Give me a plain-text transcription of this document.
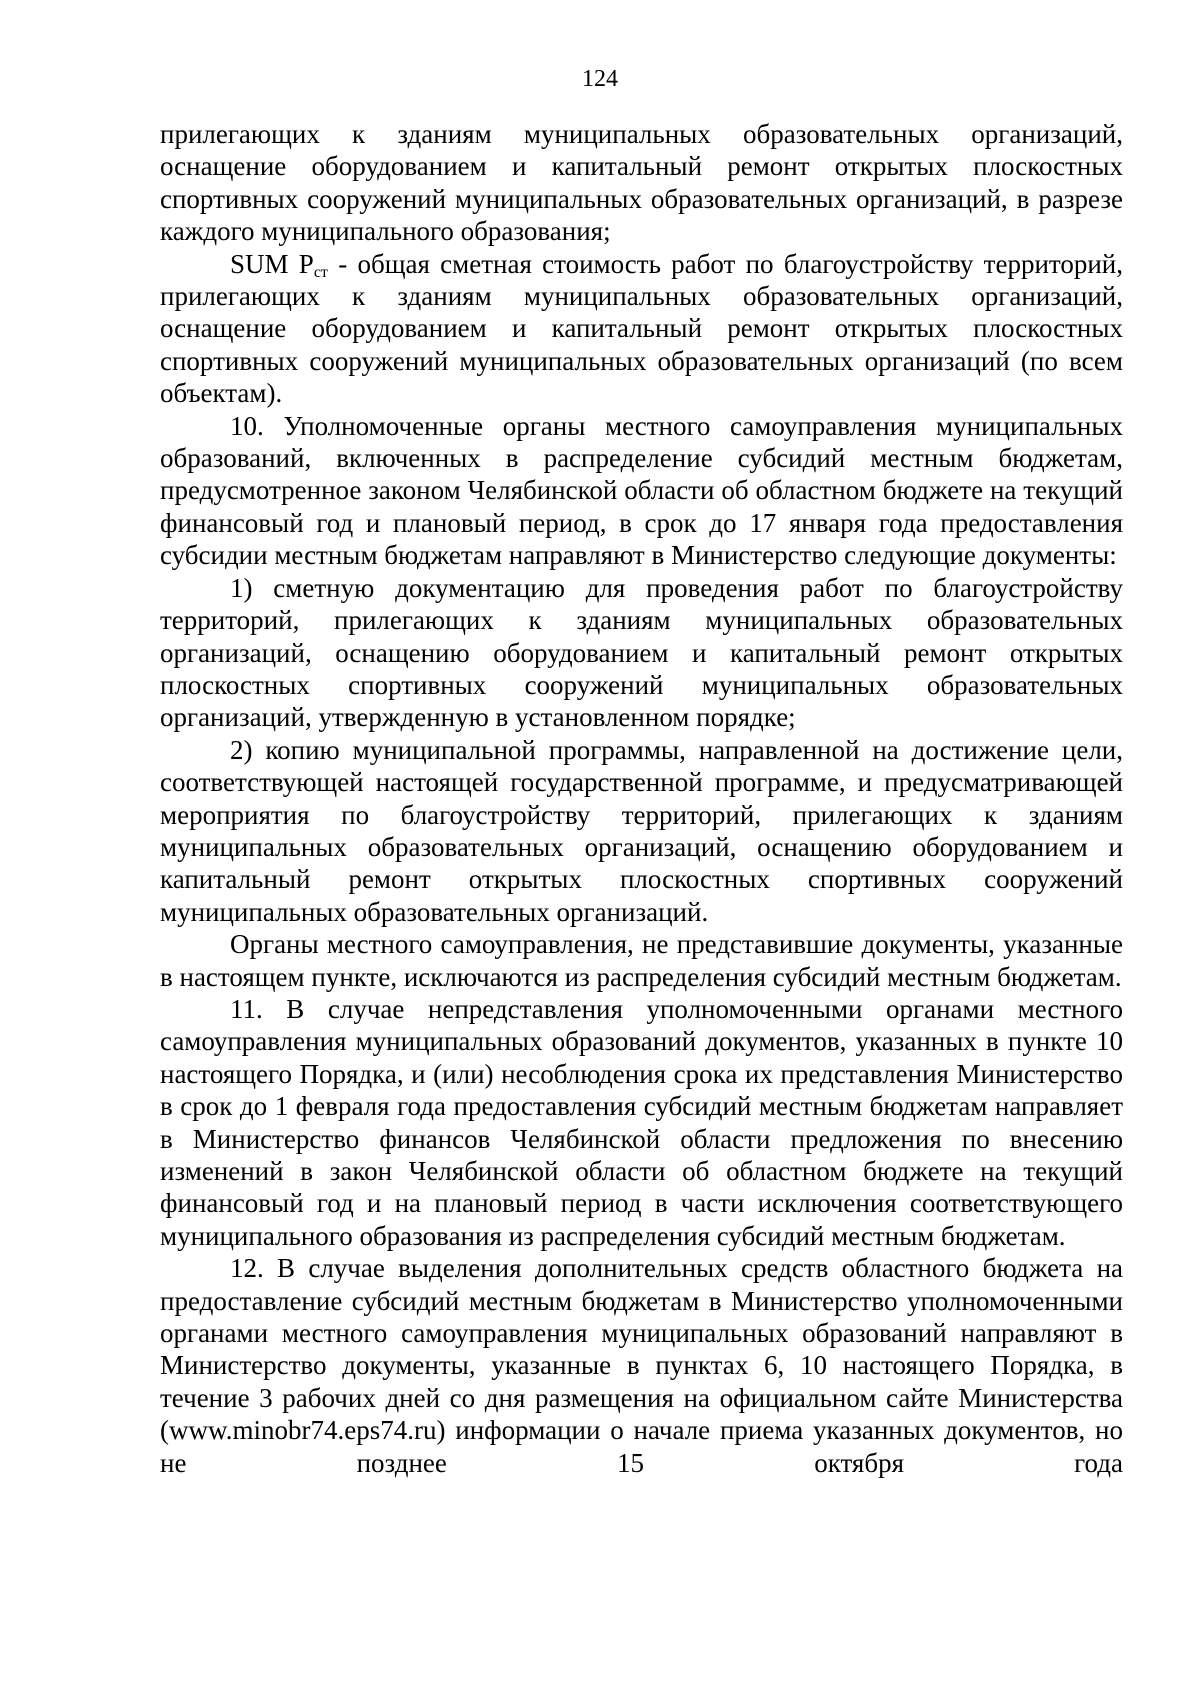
124

прилегающих к зданиям муниципальных образовательных организаций, оснащение оборудованием и капитальный ремонт открытых плоскостных спортивных сооружений муниципальных образовательных организаций, в разрезе каждого муниципального образования;

SUM $P_{ст}$ - общая сметная стоимость работ по благоустройству территорий, прилегающих к зданиям муниципальных образовательных организаций, оснащение оборудованием и капитальный ремонт открытых плоскостных спортивных сооружений муниципальных образовательных организаций (по всем объектам).

10. Уполномоченные органы местного самоуправления муниципальных образований, включенных в распределение субсидий местным бюджетам, предусмотренное законом Челябинской области об областном бюджете на текущий финансовый год и плановый период, в срок до 17 января года предоставления субсидии местным бюджетам направляют в Министерство следующие документы:

1) сметную документацию для проведения работ по благоустройству территорий, прилегающих к зданиям муниципальных образовательных организаций, оснащению оборудованием и капитальный ремонт открытых плоскостных спортивных сооружений муниципальных образовательных организаций, утвержденную в установленном порядке;

2) копию муниципальной программы, направленной на достижение цели, соответствующей настоящей государственной программе, и предусматривающей мероприятия по благоустройству территорий, прилегающих к зданиям муниципальных образовательных организаций, оснащению оборудованием и капитальный ремонт открытых плоскостных спортивных сооружений муниципальных образовательных организаций.

Органы местного самоуправления, не представившие документы, указанные в настоящем пункте, исключаются из распределения субсидий местным бюджетам.

11. В случае непредставления уполномоченными органами местного самоуправления муниципальных образований документов, указанных в пункте 10 настоящего Порядка, и (или) несоблюдения срока их представления Министерство в срок до 1 февраля года предоставления субсидий местным бюджетам направляет в Министерство финансов Челябинской области предложения по внесению изменений в закон Челябинской области об областном бюджете на текущий финансовый год и на плановый период в части исключения соответствующего муниципального образования из распределения субсидий местным бюджетам.

12. В случае выделения дополнительных средств областного бюджета на предоставление субсидий местным бюджетам в Министерство уполномоченными органами местного самоуправления муниципальных образований направляют в Министерство документы, указанные в пунктах 6, 10 настоящего Порядка, в течение 3 рабочих дней со дня размещения на официальном сайте Министерства (www.minobr74.eps74.ru) информации о начале приема указанных документов, но не позднее 15 октября года
